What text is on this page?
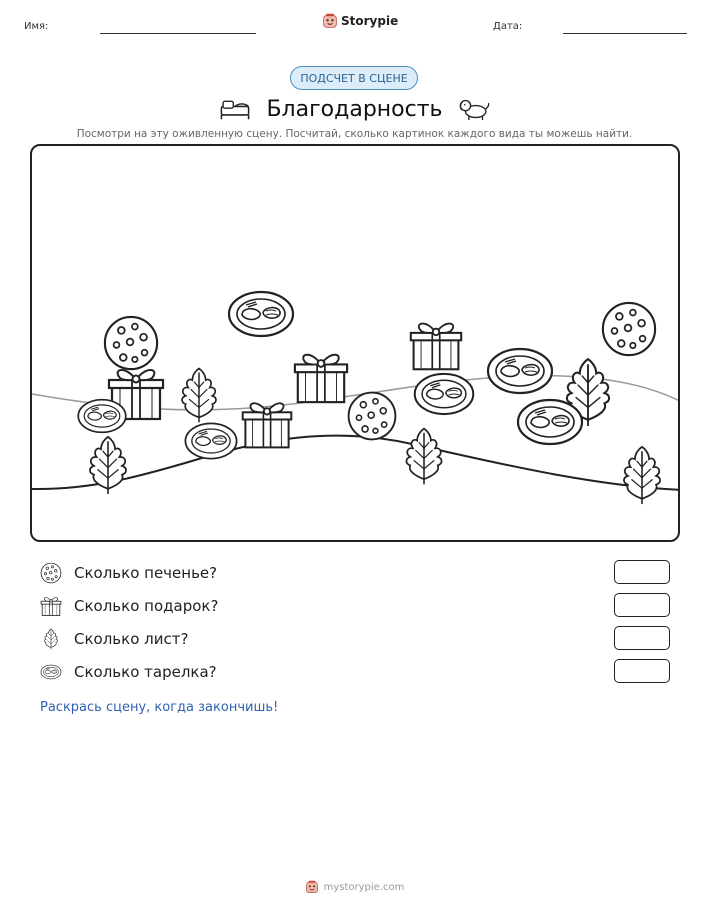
Имя:	Storypie	Дата:
ПОДСЧЕТ В СЦЕНЕ
Благодарность
Посмотри на эту оживленную сцену. Посчитай, сколько картинок каждого вида ты можешь найти.
Сколько печенье?
Сколько подарок?
Сколько лист?
Сколько тарелка?
Раскрась сцену, когда закончишь!
mystorypie.com
